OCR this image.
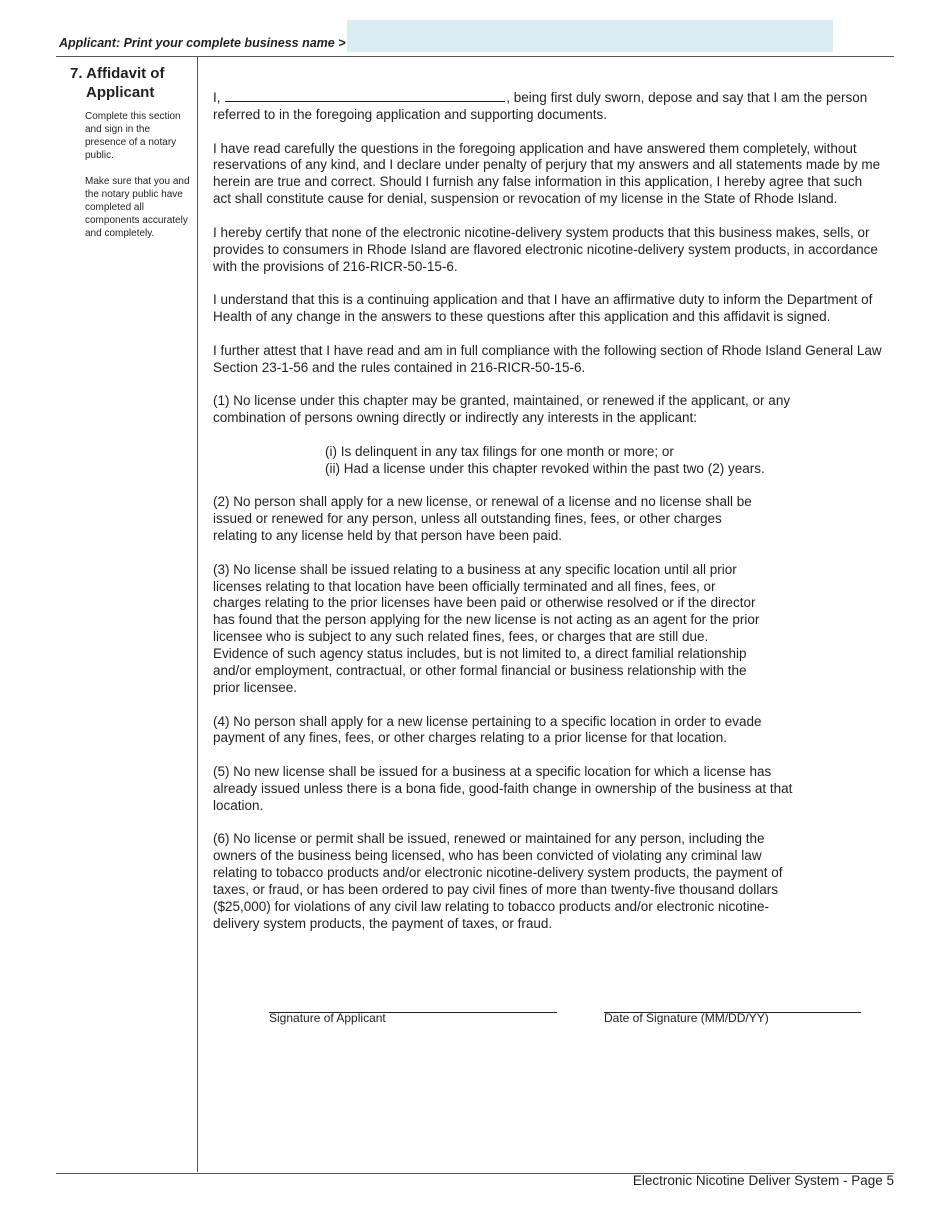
Applicant: Print your complete business name >
7. Affidavit of Applicant

Complete this section and sign in the presence of a notary public.

Make sure that you and the notary public have completed all components accurately and completely.

I,	, being first duly sworn, depose and say that I am the person referred to in the foregoing application and supporting documents.

I have read carefully the questions in the foregoing application and have answered them completely, without reservations of any kind, and I declare under penalty of perjury that my answers and all statements made by me herein are true and correct. Should I furnish any false information in this application, I hereby agree that such act shall constitute cause for denial, suspension or revocation of my license in the State of Rhode Island.

I hereby certify that none of the electronic nicotine-delivery system products that this business makes, sells, or provides to consumers in Rhode Island are flavored electronic nicotine-delivery system products, in accordance with the provisions of 216-RICR-50-15-6.

I understand that this is a continuing application and that I have an affirmative duty to inform the Department of Health of any change in the answers to these questions after this application and this affidavit is signed.

I further attest that I have read and am in full compliance with the following section of Rhode Island General Law Section 23-1-56 and the rules contained in 216-RICR-50-15-6.

(1) No license under this chapter may be granted, maintained, or renewed if the applicant, or any combination of persons owning directly or indirectly any interests in the applicant:

(i) Is delinquent in any tax filings for one month or more; or
(ii) Had a license under this chapter revoked within the past two (2) years.

(2) No person shall apply for a new license, or renewal of a license and no license shall be issued or renewed for any person, unless all outstanding fines, fees, or other charges relating to any license held by that person have been paid.

(3) No license shall be issued relating to a business at any specific location until all prior licenses relating to that location have been officially terminated and all fines, fees, or charges relating to the prior licenses have been paid or otherwise resolved or if the director has found that the person applying for the new license is not acting as an agent for the prior licensee who is subject to any such related fines, fees, or charges that are still due. Evidence of such agency status includes, but is not limited to, a direct familial relationship and/or employment, contractual, or other formal financial or business relationship with the prior licensee.

(4) No person shall apply for a new license pertaining to a specific location in order to evade payment of any fines, fees, or other charges relating to a prior license for that location.

(5) No new license shall be issued for a business at a specific location for which a license has already issued unless there is a bona fide, good-faith change in ownership of the business at that location.

(6) No license or permit shall be issued, renewed or maintained for any person, including the owners of the business being licensed, who has been convicted of violating any criminal law relating to tobacco products and/or electronic nicotine-delivery system products, the payment of taxes, or fraud, or has been ordered to pay civil fines of more than twenty-five thousand dollars ($25,000) for violations of any civil law relating to tobacco products and/or electronic nicotine-delivery system products, the payment of taxes, or fraud.

Signature of Applicant	Date of Signature (MM/DD/YY)
Electronic Nicotine Deliver System - Page 5
